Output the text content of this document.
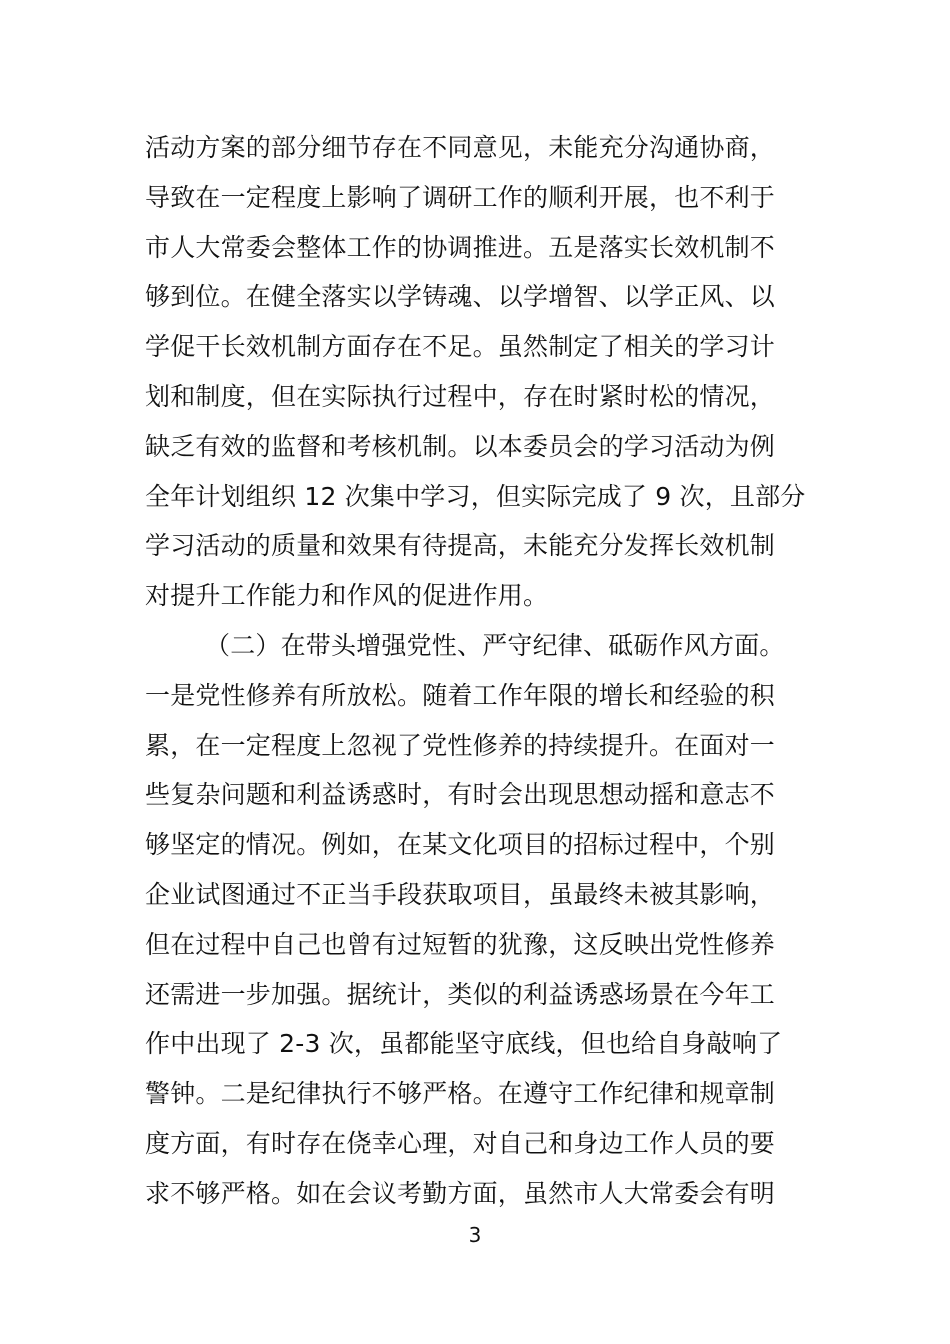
活动方案的部分细节存在不同意见，未能充分沟通协商，
导致在一定程度上影响了调研工作的顺利开展，也不利于
市人大常委会整体工作的协调推进。五是落实长效机制不
够到位。在健全落实以学铸魂、以学增智、以学正风、以
学促干长效机制方面存在不足。虽然制定了相关的学习计
划和制度，但在实际执行过程中，存在时紧时松的情况，
缺乏有效的监督和考核机制。以本委员会的学习活动为例
全年计划组织 12 次集中学习，但实际完成了 9 次，且部分
学习活动的质量和效果有待提高，未能充分发挥长效机制
对提升工作能力和作风的促进作用。
（二）在带头增强党性、严守纪律、砥砺作风方面。
一是党性修养有所放松。随着工作年限的增长和经验的积
累，在一定程度上忽视了党性修养的持续提升。在面对一
些复杂问题和利益诱惑时，有时会出现思想动摇和意志不
够坚定的情况。例如，在某文化项目的招标过程中，个别
企业试图通过不正当手段获取项目，虽最终未被其影响，
但在过程中自己也曾有过短暂的犹豫，这反映出党性修养
还需进一步加强。据统计，类似的利益诱惑场景在今年工
作中出现了 2-3 次，虽都能坚守底线，但也给自身敲响了
警钟。二是纪律执行不够严格。在遵守工作纪律和规章制
度方面，有时存在侥幸心理，对自己和身边工作人员的要
求不够严格。如在会议考勤方面，虽然市人大常委会有明
3
